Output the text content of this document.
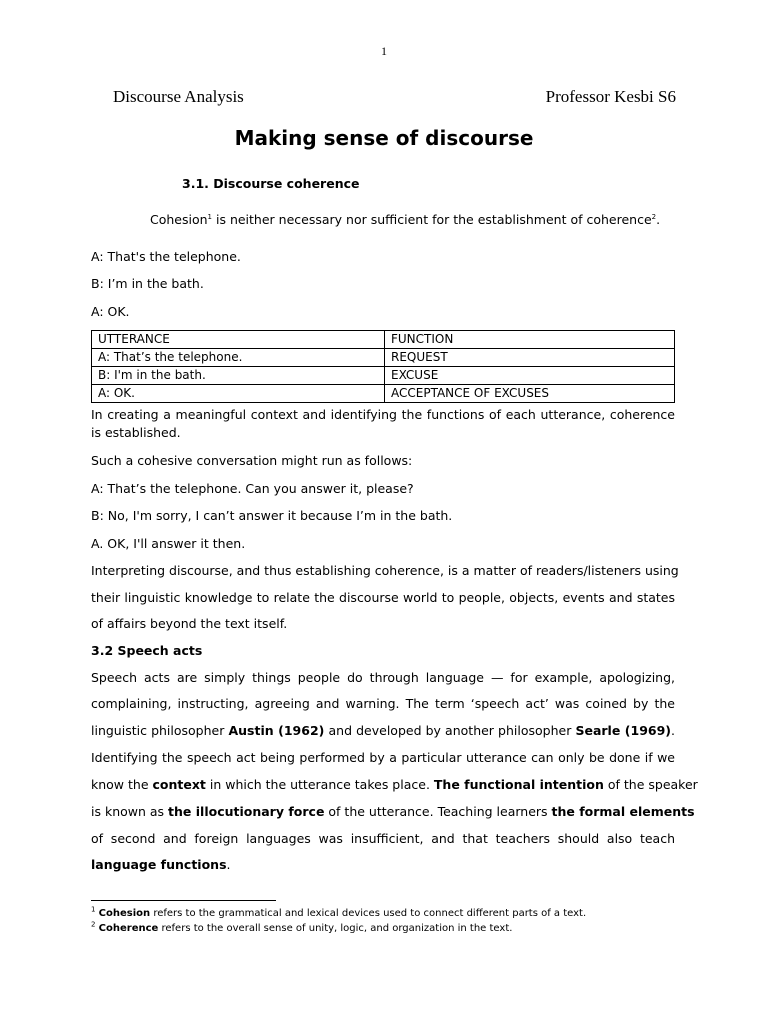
1
Discourse Analysis	Professor Kesbi S6
Making sense of discourse
3.1. Discourse coherence
Cohesion$^1$ is neither necessary nor sufficient for the establishment of coherence$^2$.
A: That's the telephone.
B: I’m in the bath.
A: OK.
UTTERANCE	FUNCTION
A: That’s the telephone.	REQUEST
B: I'm in the bath.	EXCUSE
A: OK.	ACCEPTANCE OF EXCUSES
In creating a meaningful context and identifying the functions of each utterance, coherence
is established.
Such a cohesive conversation might run as follows:
A: That’s the telephone. Can you answer it, please?
B: No, I'm sorry, I can’t answer it because I’m in the bath.
A. OK, I'll answer it then.
Interpreting discourse, and thus establishing coherence, is a matter of readers/listeners using
their linguistic knowledge to relate the discourse world to people, objects, events and states
of affairs beyond the text itself.
3.2 Speech acts
Speech acts are simply things people do through language — for example, apologizing,
complaining, instructing, agreeing and warning. The term ‘speech act’ was coined by the
linguistic philosopher Austin (1962) and developed by another philosopher Searle (1969).
Identifying the speech act being performed by a particular utterance can only be done if we
know the context in which the utterance takes place. The functional intention of the speaker
is known as the illocutionary force of the utterance. Teaching learners the formal elements
of second and foreign languages was insufficient, and that teachers should also teach
language functions.
$^1$ Cohesion refers to the grammatical and lexical devices used to connect different parts of a text.
$^2$ Coherence refers to the overall sense of unity, logic, and organization in the text.
